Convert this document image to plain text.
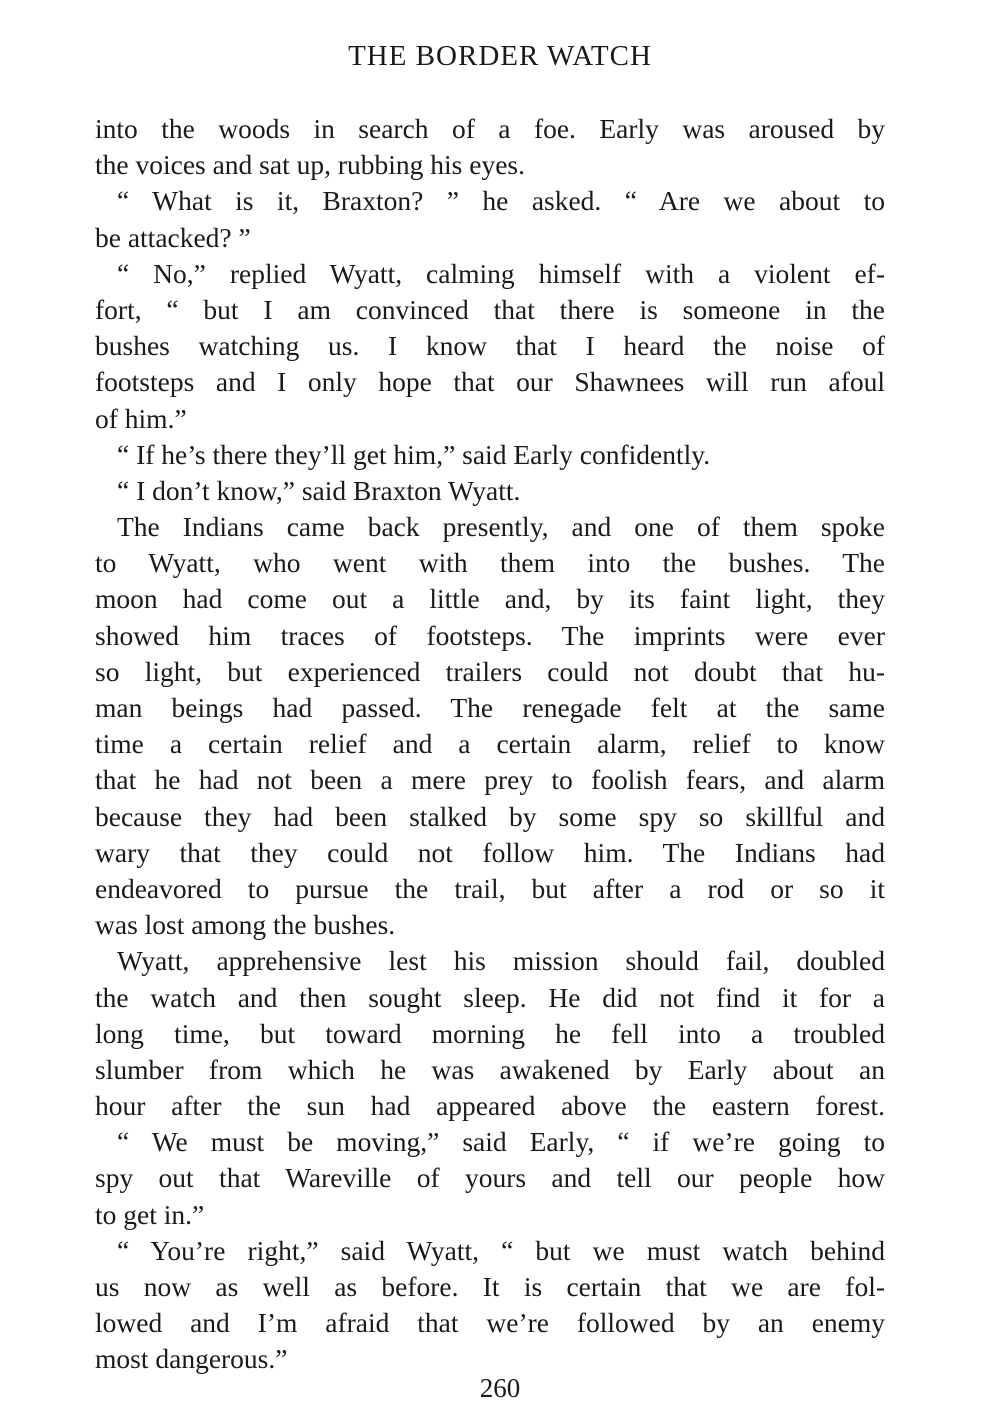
THE BORDER WATCH
into the woods in search of a foe. Early was aroused by
the voices and sat up, rubbing his eyes.
“ What is it, Braxton? ” he asked. “ Are we about to
be attacked? ”
“ No,” replied Wyatt, calming himself with a violent ef-
fort, “ but I am convinced that there is someone in the
bushes watching us. I know that I heard the noise of
footsteps and I only hope that our Shawnees will run afoul
of him.”
“ If he’s there they’ll get him,” said Early confidently.
“ I don’t know,” said Braxton Wyatt.
The Indians came back presently, and one of them spoke
to Wyatt, who went with them into the bushes. The
moon had come out a little and, by its faint light, they
showed him traces of footsteps. The imprints were ever
so light, but experienced trailers could not doubt that hu-
man beings had passed. The renegade felt at the same
time a certain relief and a certain alarm, relief to know
that he had not been a mere prey to foolish fears, and alarm
because they had been stalked by some spy so skillful and
wary that they could not follow him. The Indians had
endeavored to pursue the trail, but after a rod or so it
was lost among the bushes.
Wyatt, apprehensive lest his mission should fail, doubled
the watch and then sought sleep. He did not find it for a
long time, but toward morning he fell into a troubled
slumber from which he was awakened by Early about an
hour after the sun had appeared above the eastern forest.
“ We must be moving,” said Early, “ if we’re going to
spy out that Wareville of yours and tell our people how
to get in.”
“ You’re right,” said Wyatt, “ but we must watch behind
us now as well as before. It is certain that we are fol-
lowed and I’m afraid that we’re followed by an enemy
most dangerous.”
260
